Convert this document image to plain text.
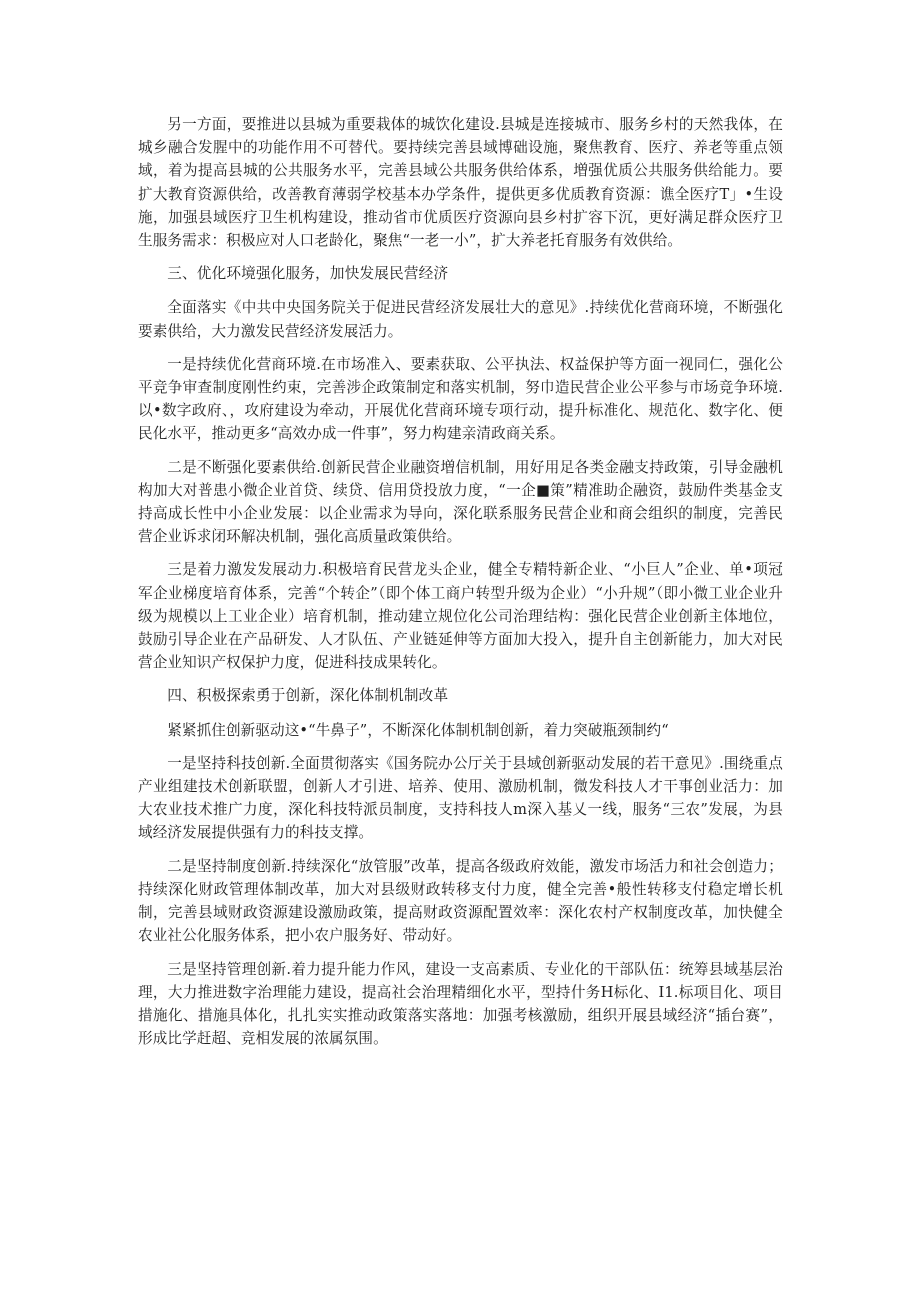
另一方面，要推进以县城为重要栽体的城饮化建设.县城是连接城市、服务乡村的天然我体，在城乡融合发腥中的功能作用不可替代。要持续完善县域博础设施，聚焦教育、医疗、养老等重点领域，着为提高县城的公共服务水平，完善县域公共服务供给体系，増强优质公共服务供给能力。要扩大教育资源供给，改善教育薄弱学校基本办学条件，提供更多优质教育资源：谯全医疗T」•生设施，加强县域医疗卫生机构建设，推动省市优质医疗资源向县乡村扩容下沉，更好满足群众医疗卫生服务需求：积极应对人口老龄化，聚焦“一老一小”，扩大养老托育服务有效供给。

三、优化环境强化服务，加快发展民营经济

全面落实《中共中央国务院关于促进民营经济发展壮大的意见》.持续优化营商环境，不断强化要素供给，大力激发民营经济发展活力。

一是持续优化营商环境.在市场准入、要素获取、公平执法、权益保护等方面一视同仁，强化公平竞争审查制度刚性约束，完善涉企政策制定和落实机制，努巾造民营企业公平参与市场竞争环境.以•数字政府、，攻府建设为牵动，开展优化营商环境专项行动，提升标准化、规范化、数字化、便民化水平，推动更多“高效办成一件事”，努力构建亲清政商关系。

二是不断强化要素供给.创新民营企业融资増信机制，用好用足各类金融支持政策，引导金融机构加大对普患小微企业首贷、续贷、信用贷投放力度，“一企■策”精准助企融资，鼓励件类基金支持高成长性中小企业发展：以企业需求为导向，深化联系服务民营企业和商会组织的制度，完善民营企业诉求闭环解决机制，强化高质量政策供给。

三是着力激发发展动力.积极培育民营龙头企业，健全专精特新企业、“小巨人”企业、单•项冠军企业梯度培育体系，完善“个转企”（即个体工商户转型升级为企业）“小升规”（即小微工业企业升级为规模以上工业企业）培育机制，推动建立规位化公司治理结构：强化民营企业创新主体地位，鼓励引导企业在产品研发、人才队伍、产业链延伸等方面加大投入，提升自主创新能力，加大对民营企业知识产权保护力度，促进科技成果转化。

四、积极探索勇于创新，深化体制机制改革

紧紧抓住创新驱动这•“牛鼻子”，不断深化体制机制创新，着力突破瓶颈制约“

一是坚持科技创新.全面贯彻落实《国务院办公厅关于县域创新驱动发展的若干意见》.围绕重点产业组建技术创新联盟，创新人才引进、培养、使用、激励机制，微发科技人才干事创业活力：加大农业技术推广力度，深化科技特派员制度，支持科技人m深入基乂一线，服务“三农”发展，为县域经济发展提供强有力的科技支撑。

二是坚持制度创新.持续深化“放管服”改革，提高各级政府效能，激发市场活力和社会创造力；持续深化财政管理体制改革，加大对县级财政转移支付力度，健全完善•般性转移支付稳定增长机制，完善县域财政资源建设激励政策，提高财政资源配置效率：深化农村产权制度改革，加快健全农业社公化服务体系，把小农户服务好、带动好。

三是坚持管理创新.着力提升能力作风，建设一支高素质、专业化的干部队伍：统筹县域基层治理，大力推进数字治理能力建设，提高社会治理精细化水平，型持什务H标化、I1.标项目化、项目措施化、措施具体化，扎扎实实推动政策落实落地：加强考核激励，组织开展县域经济“插台赛”，形成比学赶超、竞相发展的浓属氛围。
